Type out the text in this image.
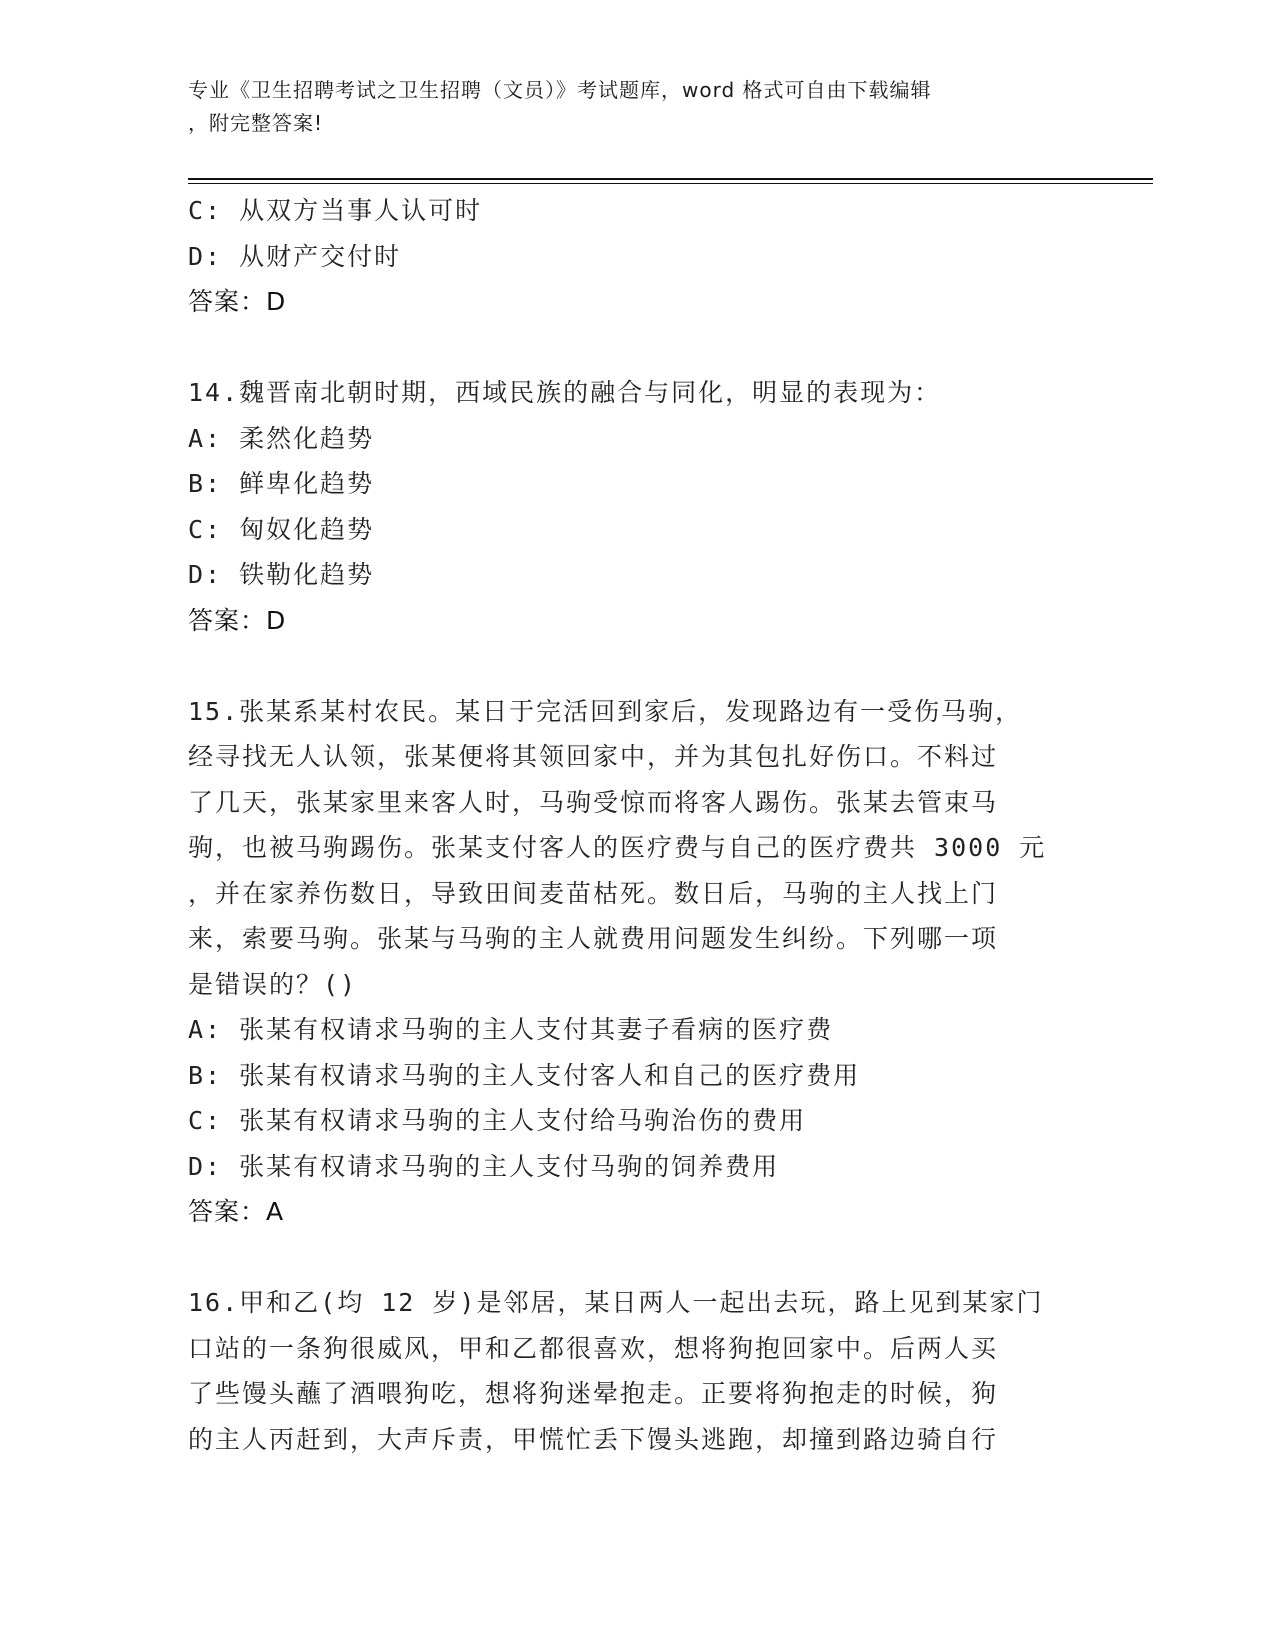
专业《卫生招聘考试之卫生招聘（文员）》考试题库，word 格式可自由下载编辑
，附完整答案!
C: 从双方当事人认可时
D: 从财产交付时
答案：D
14.魏晋南北朝时期，西域民族的融合与同化，明显的表现为：
A: 柔然化趋势
B: 鲜卑化趋势
C: 匈奴化趋势
D: 铁勒化趋势
答案：D
15.张某系某村农民。某日于完活回到家后，发现路边有一受伤马驹，
经寻找无人认领，张某便将其领回家中，并为其包扎好伤口。不料过
了几天，张某家里来客人时，马驹受惊而将客人踢伤。张某去管束马
驹，也被马驹踢伤。张某支付客人的医疗费与自己的医疗费共 3000 元
，并在家养伤数日，导致田间麦苗枯死。数日后，马驹的主人找上门
来，索要马驹。张某与马驹的主人就费用问题发生纠纷。下列哪一项
是错误的？()
A: 张某有权请求马驹的主人支付其妻子看病的医疗费
B: 张某有权请求马驹的主人支付客人和自己的医疗费用
C: 张某有权请求马驹的主人支付给马驹治伤的费用
D: 张某有权请求马驹的主人支付马驹的饲养费用
答案：A
16.甲和乙(均 12 岁)是邻居，某日两人一起出去玩，路上见到某家门
口站的一条狗很威风，甲和乙都很喜欢，想将狗抱回家中。后两人买
了些馒头蘸了酒喂狗吃，想将狗迷晕抱走。正要将狗抱走的时候，狗
的主人丙赶到，大声斥责，甲慌忙丢下馒头逃跑，却撞到路边骑自行
